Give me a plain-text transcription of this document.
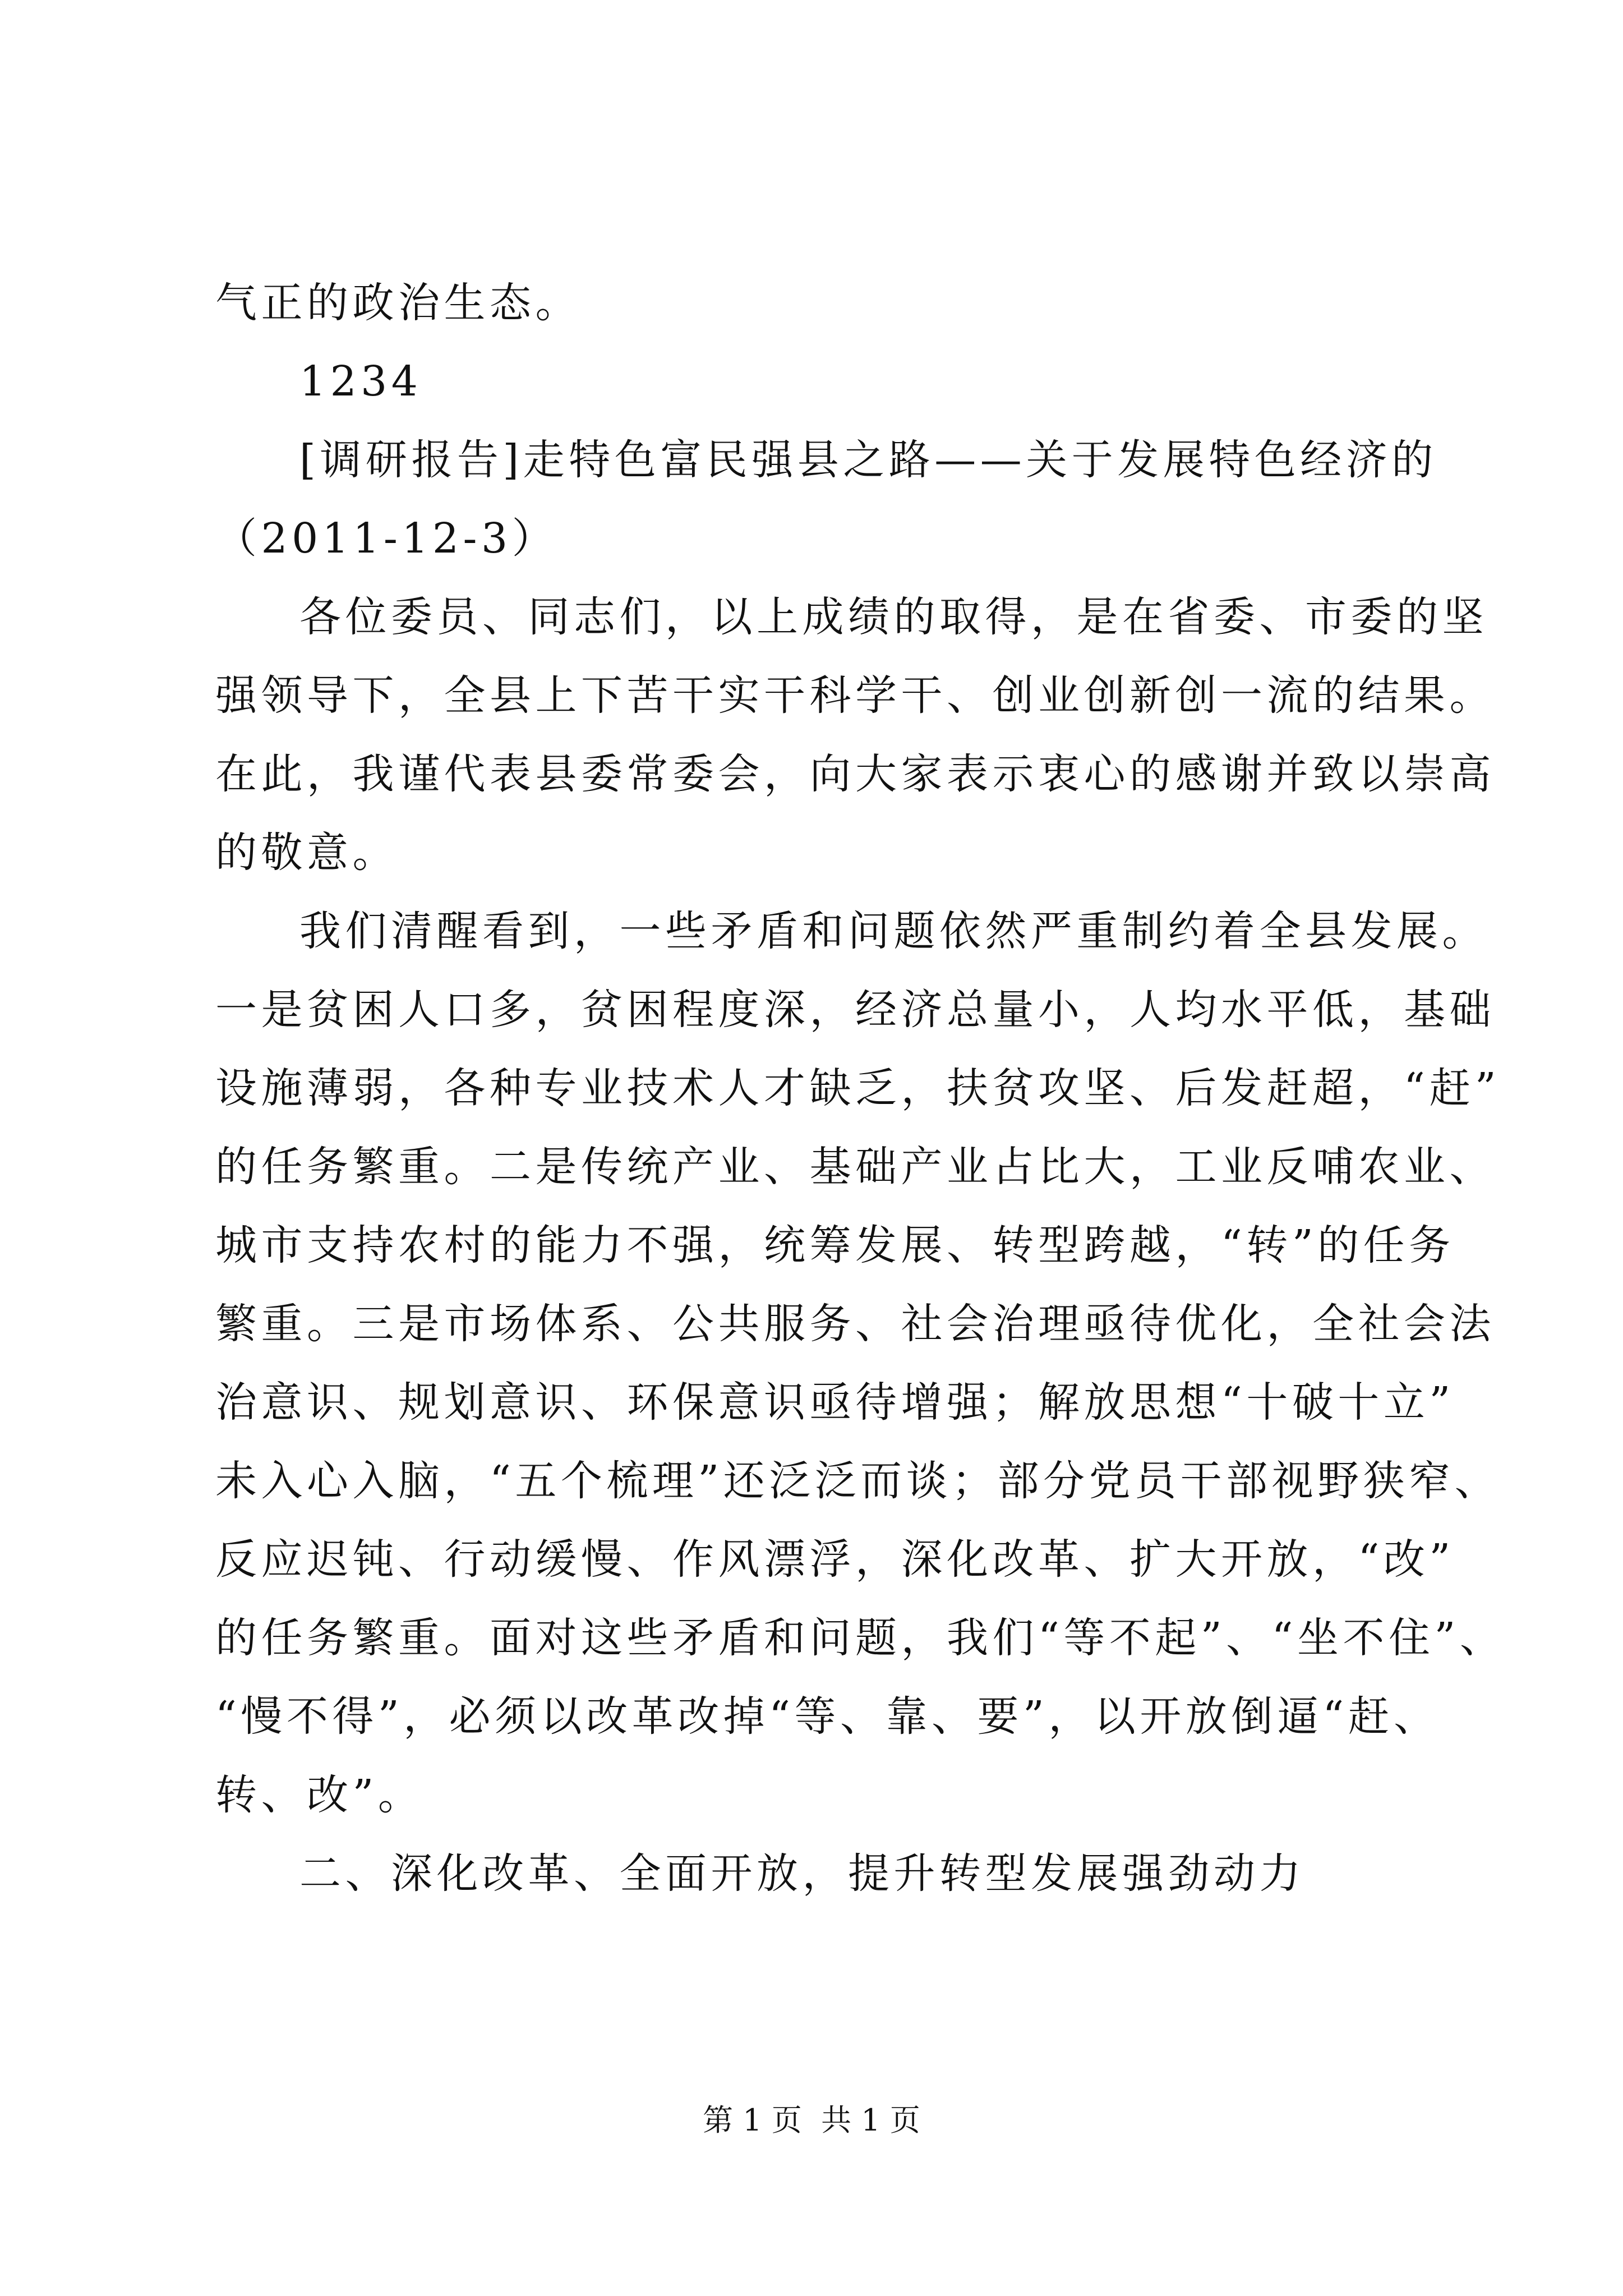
气正的政治生态。
1234
[调研报告]走特色富民强县之路——关于发展特色经济的
（2011-12-3）
各位委员、同志们，以上成绩的取得，是在省委、市委的坚
强领导下，全县上下苦干实干科学干、创业创新创一流的结果。
在此，我谨代表县委常委会，向大家表示衷心的感谢并致以崇高
的敬意。
我们清醒看到，一些矛盾和问题依然严重制约着全县发展。
一是贫困人口多，贫困程度深，经济总量小，人均水平低，基础
设施薄弱，各种专业技术人才缺乏，扶贫攻坚、后发赶超，“赶”
的任务繁重。二是传统产业、基础产业占比大，工业反哺农业、
城市支持农村的能力不强，统筹发展、转型跨越，“转”的任务
繁重。三是市场体系、公共服务、社会治理亟待优化，全社会法
治意识、规划意识、环保意识亟待增强；解放思想“十破十立”
未入心入脑，“五个梳理”还泛泛而谈；部分党员干部视野狭窄、
反应迟钝、行动缓慢、作风漂浮，深化改革、扩大开放，“改”
的任务繁重。面对这些矛盾和问题，我们“等不起”、“坐不住”、
“慢不得”，必须以改革改掉“等、靠、要”，以开放倒逼“赶、
转、改”。
二、深化改革、全面开放，提升转型发展强劲动力
第 1 页  共 1 页
